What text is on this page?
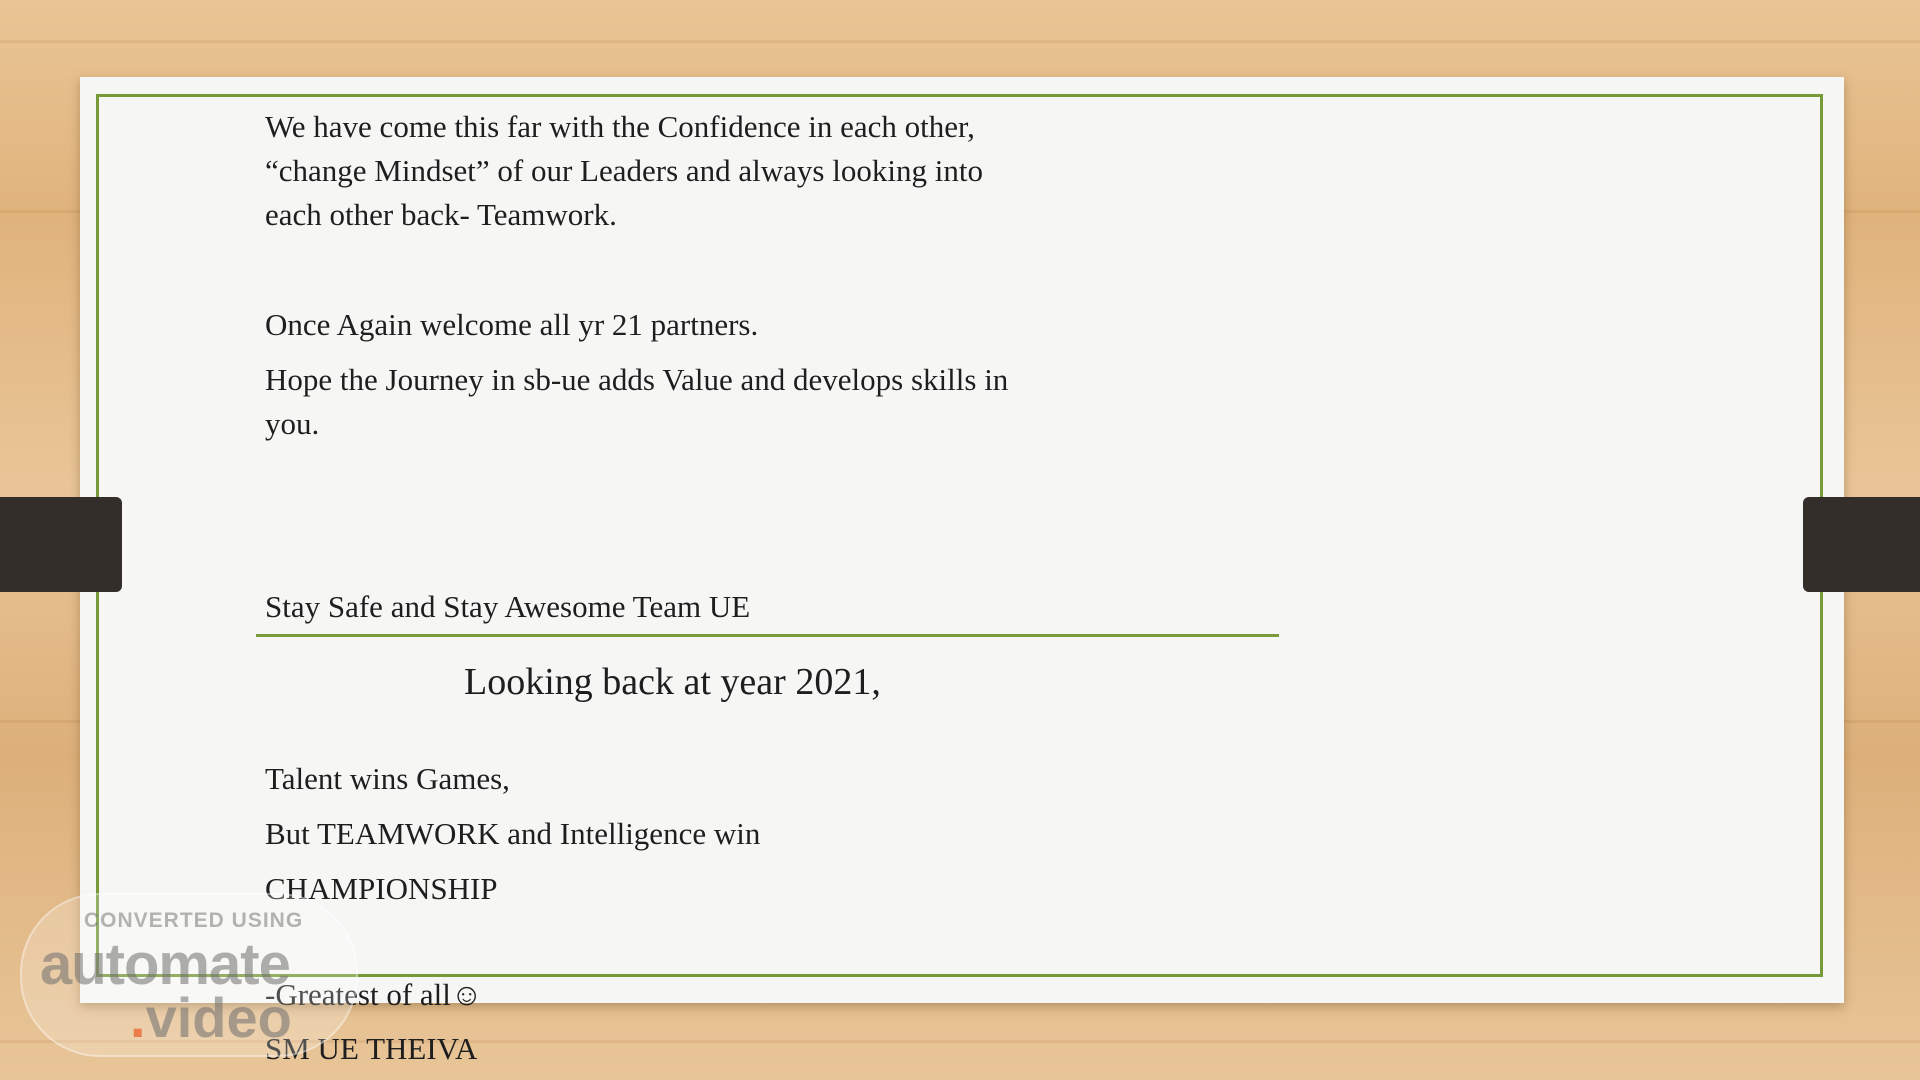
We have come this far with the Confidence in each other,
“change Mindset” of our Leaders and always looking into
each other back- Teamwork.
Once Again welcome all yr 21 partners.
Hope the Journey in sb-ue adds Value and develops skills in
you.
Stay Safe and Stay Awesome Team UE
Looking back at year 2021,
Talent wins Games,
But TEAMWORK and Intelligence win
CHAMPIONSHIP
-Greatest of all☺
SM UE THEIVA
CONVERTED USING
automate
.video
